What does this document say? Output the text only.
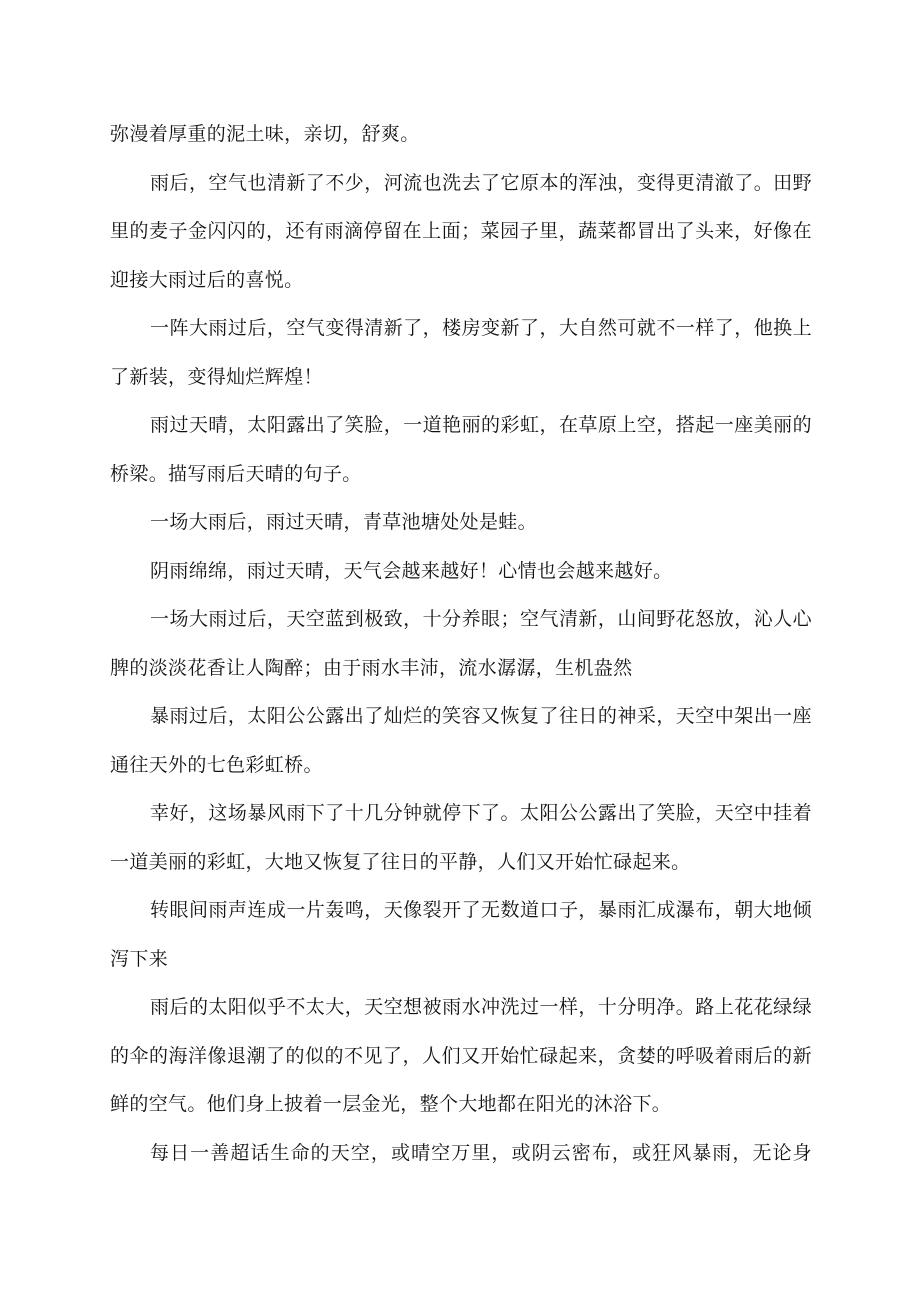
弥漫着厚重的泥土味，亲切，舒爽。

雨后，空气也清新了不少，河流也洗去了它原本的浑浊，变得更清澈了。田野里的麦子金闪闪的，还有雨滴停留在上面；菜园子里，蔬菜都冒出了头来，好像在迎接大雨过后的喜悦。

一阵大雨过后，空气变得清新了，楼房变新了，大自然可就不一样了，他换上了新装，变得灿烂辉煌！

雨过天晴，太阳露出了笑脸，一道艳丽的彩虹，在草原上空，搭起一座美丽的桥梁。描写雨后天晴的句子。

一场大雨后，雨过天晴，青草池塘处处是蛙。

阴雨绵绵，雨过天晴，天气会越来越好！心情也会越来越好。

一场大雨过后，天空蓝到极致，十分养眼；空气清新，山间野花怒放，沁人心脾的淡淡花香让人陶醉；由于雨水丰沛，流水潺潺，生机盎然

暴雨过后，太阳公公露出了灿烂的笑容又恢复了往日的神采，天空中架出一座通往天外的七色彩虹桥。

幸好，这场暴风雨下了十几分钟就停下了。太阳公公露出了笑脸，天空中挂着一道美丽的彩虹，大地又恢复了往日的平静，人们又开始忙碌起来。

转眼间雨声连成一片轰鸣，天像裂开了无数道口子，暴雨汇成瀑布，朝大地倾泻下来

雨后的太阳似乎不太大，天空想被雨水冲洗过一样，十分明净。路上花花绿绿的伞的海洋像退潮了的似的不见了，人们又开始忙碌起来，贪婪的呼吸着雨后的新鲜的空气。他们身上披着一层金光，整个大地都在阳光的沐浴下。

每日一善超话生命的天空，或晴空万里，或阴云密布，或狂风暴雨，无论身
